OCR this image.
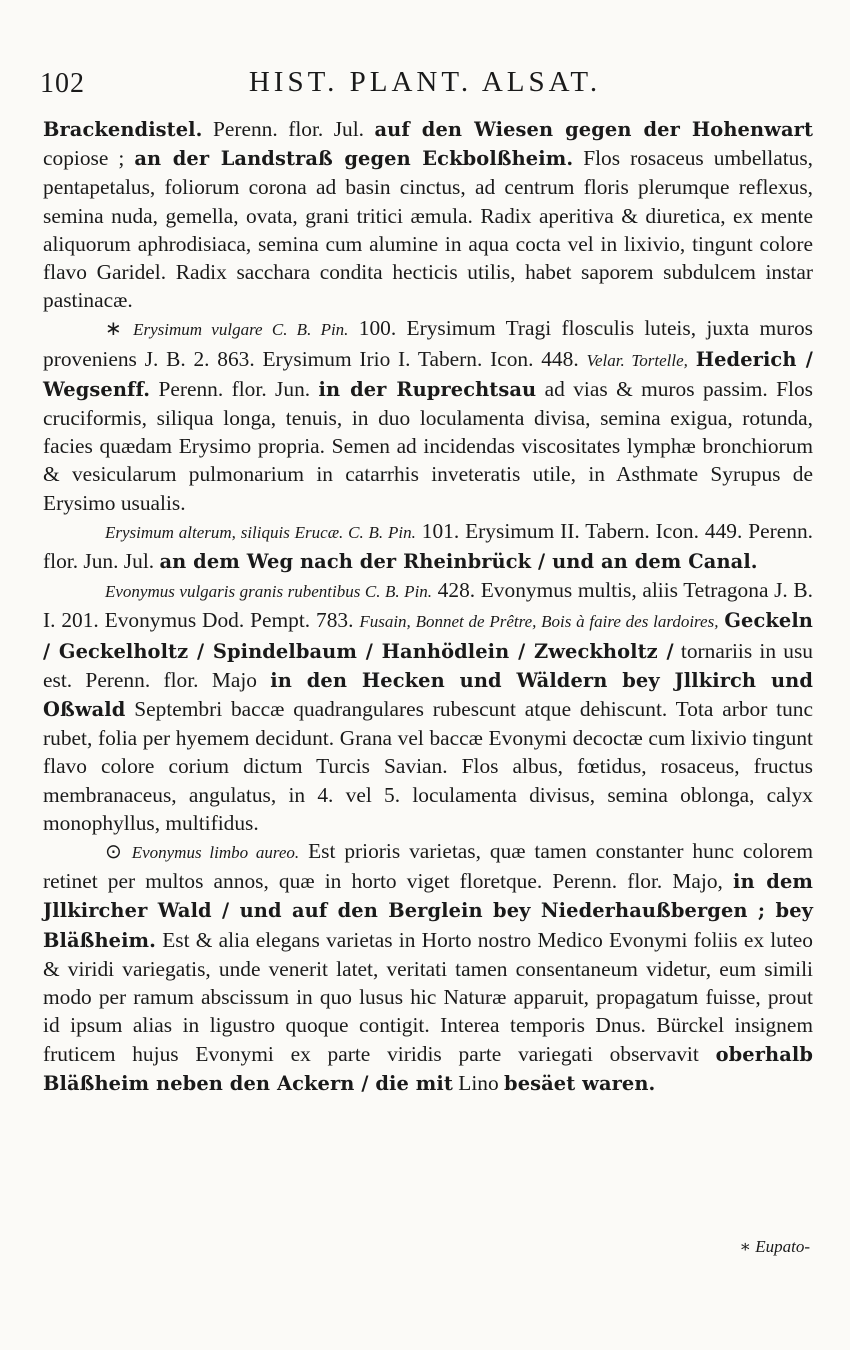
102	HIST. PLANT. ALSAT.

Brackendistel. Perenn. flor. Jul. auf den Wiesen gegen der Hohenwart copiose ; an der Landstraß gegen Eckbolßheim. Flos rosaceus umbellatus, pentapetalus, foliorum corona ad basin cinctus, ad centrum floris plerumque reflexus, semina nuda, gemella, ovata, grani tritici æmula. Radix aperitiva & diuretica, ex mente aliquorum aphrodisiaca, semina cum alumine in aqua cocta vel in lixivio, tingunt colore flavo Garidel. Radix sacchara condita hecticis utilis, habet saporem subdulcem instar pastinacæ.

∗ Erysimum vulgare C. B. Pin. 100. Erysimum Tragi flosculis luteis, juxta muros proveniens J. B. 2. 863. Erysimum Irio I. Tabern. Icon. 448. Velar. Tortelle, Hederich / Wegsenff. Perenn. flor. Jun. in der Ruprechtsau ad vias & muros passim. Flos cruciformis, siliqua longa, tenuis, in duo loculamenta divisa, semina exigua, rotunda, facies quædam Erysimo propria. Semen ad incidendas viscositates lymphæ bronchiorum & vesicularum pulmonarium in catarrhis inveteratis utile, in Asthmate Syrupus de Erysimo usualis.

Erysimum alterum, siliquis Erucæ. C. B. Pin. 101. Erysimum II. Tabern. Icon. 449. Perenn. flor. Jun. Jul. an dem Weg nach der Rheinbrück / und an dem Canal.

Evonymus vulgaris granis rubentibus C. B. Pin. 428. Evonymus multis, aliis Tetragona J. B. I. 201. Evonymus Dod. Pempt. 783. Fusain, Bonnet de Prêtre, Bois à faire des lardoires, Geckeln / Geckelholtz / Spindelbaum / Hanhödlein / Zweckholtz / tornariis in usu est. Perenn. flor. Majo in den Hecken und Wäldern bey Jllkirch und Oßwald Septembri baccæ quadrangulares rubescunt atque dehiscunt. Tota arbor tunc rubet, folia per hyemem decidunt. Grana vel baccæ Evonymi decoctæ cum lixivio tingunt flavo colore corium dictum Turcis Savian. Flos albus, fœtidus, rosaceus, fructus membranaceus, angulatus, in 4. vel 5. loculamenta divisus, semina oblonga, calyx monophyllus, multifidus.

⊙ Evonymus limbo aureo. Est prioris varietas, quæ tamen constanter hunc colorem retinet per multos annos, quæ in horto viget floretque. Perenn. flor. Majo, in dem Jllkircher Wald / und auf den Berglein bey Niederhaußbergen ; bey Bläßheim. Est & alia elegans varietas in Horto nostro Medico Evonymi foliis ex luteo & viridi variegatis, unde venerit latet, veritati tamen consentaneum videtur, eum simili modo per ramum abscissum in quo lusus hic Naturæ apparuit, propagatum fuisse, prout id ipsum alias in ligustro quoque contigit. Interea temporis Dnus. Bürckel insignem fruticem hujus Evonymi ex parte viridis parte variegati observavit oberhalb Bläßheim neben den Ackern / die mit Lino besäet waren.

∗ Eupato-
